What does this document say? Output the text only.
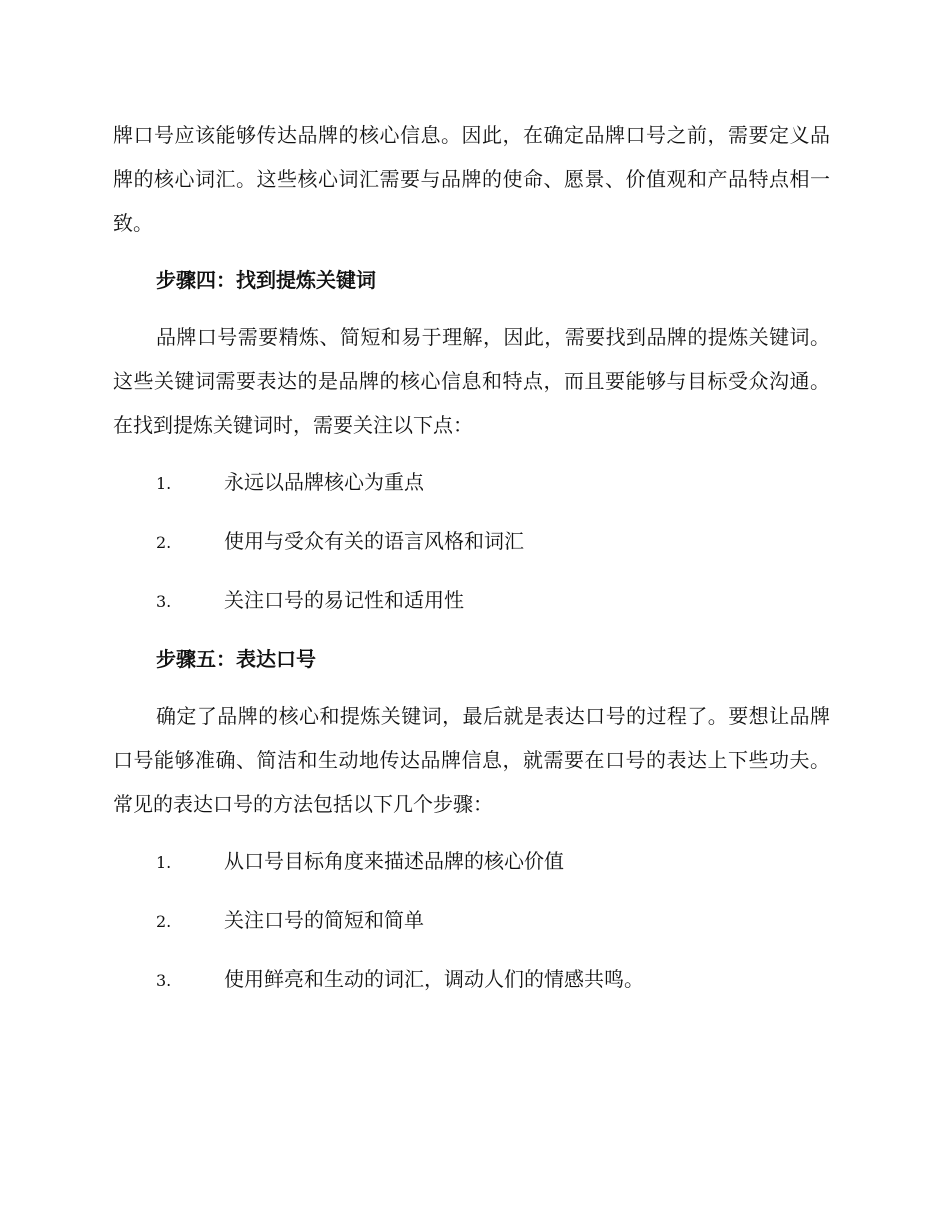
牌口号应该能够传达品牌的核心信息。因此，在确定品牌口号之前，需要定义品牌的核心词汇。这些核心词汇需要与品牌的使命、愿景、价值观和产品特点相一致。

步骤四：找到提炼关键词

品牌口号需要精炼、简短和易于理解，因此，需要找到品牌的提炼关键词。这些关键词需要表达的是品牌的核心信息和特点，而且要能够与目标受众沟通。在找到提炼关键词时，需要关注以下点：

1.	永远以品牌核心为重点
2.	使用与受众有关的语言风格和词汇
3.	关注口号的易记性和适用性
步骤五：表达口号

确定了品牌的核心和提炼关键词，最后就是表达口号的过程了。要想让品牌口号能够准确、简洁和生动地传达品牌信息，就需要在口号的表达上下些功夫。常见的表达口号的方法包括以下几个步骤：

1.	从口号目标角度来描述品牌的核心价值
2.	关注口号的简短和简单
3.	使用鲜亮和生动的词汇，调动人们的情感共鸣。
